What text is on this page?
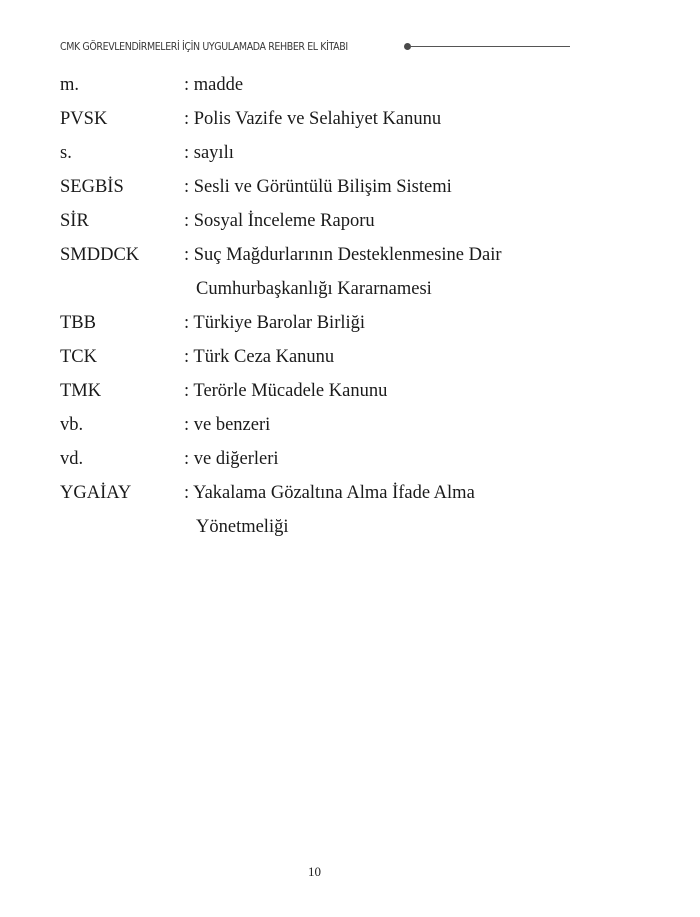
CMK GÖREVLENDİRMELERİ İÇİN UYGULAMADA REHBER EL KİTABI
m.	: madde
PVSK	: Polis Vazife ve Selahiyet Kanunu
s.	: sayılı
SEGBİS	: Sesli ve Görüntülü Bilişim Sistemi
SİR	: Sosyal İnceleme Raporu
SMDDCK	: Suç Mağdurlarının Desteklenmesine Dair
Cumhurbaşkanlığı Kararnamesi
TBB	: Türkiye Barolar Birliği
TCK	: Türk Ceza Kanunu
TMK	: Terörle Mücadele Kanunu
vb.	: ve benzeri
vd.	: ve diğerleri
YGAİAY	: Yakalama Gözaltına Alma İfade Alma
Yönetmeliği
10
